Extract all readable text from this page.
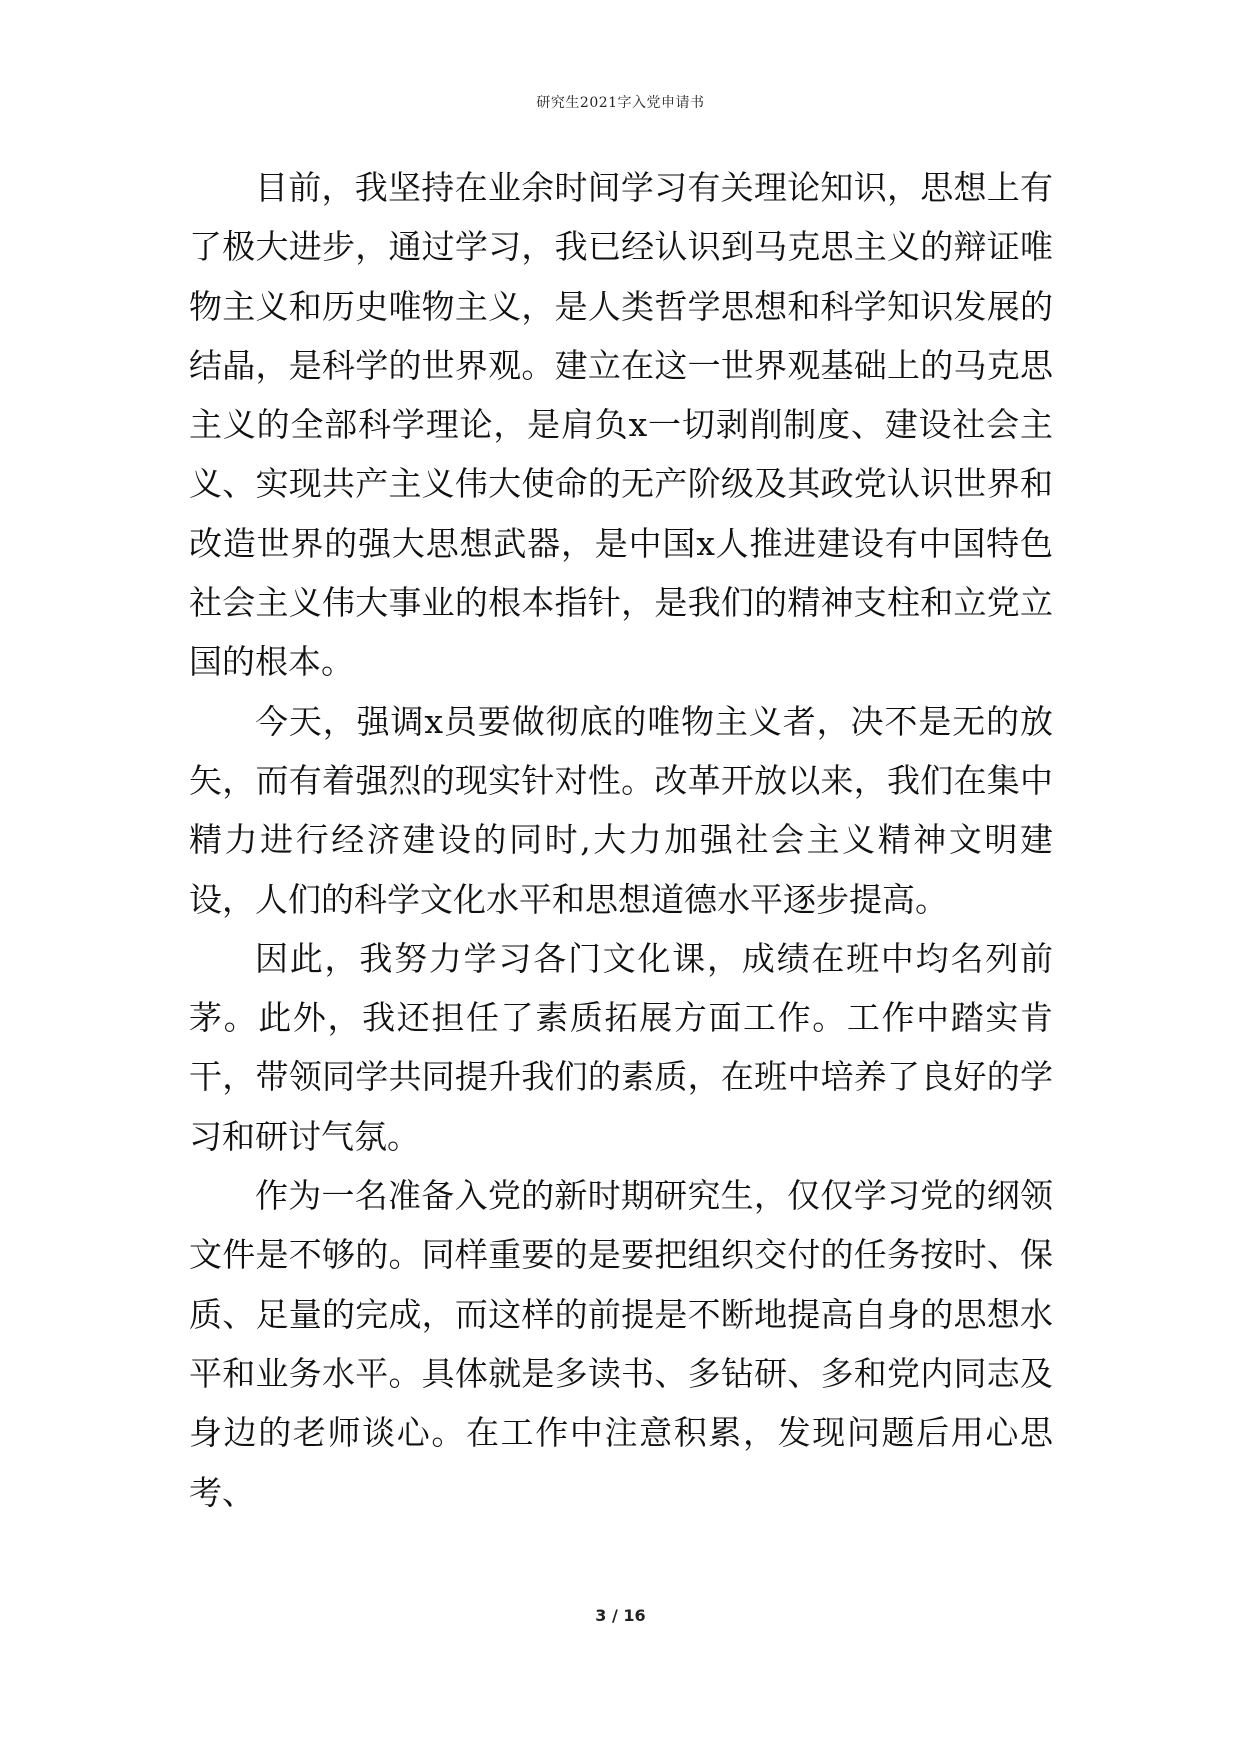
研究生2021字入党申请书

目前，我坚持在业余时间学习有关理论知识，思想上有了极大进步，通过学习，我已经认识到马克思主义的辩证唯物主义和历史唯物主义，是人类哲学思想和科学知识发展的结晶，是科学的世界观。建立在这一世界观基础上的马克思主义的全部科学理论，是肩负x一切剥削制度、建设社会主义、实现共产主义伟大使命的无产阶级及其政党认识世界和改造世界的强大思想武器，是中国x人推进建设有中国特色社会主义伟大事业的根本指针，是我们的精神支柱和立党立国的根本。

今天，强调x员要做彻底的唯物主义者，决不是无的放矢，而有着强烈的现实针对性。改革开放以来，我们在集中精力进行经济建设的同时,大力加强社会主义精神文明建设，人们的科学文化水平和思想道德水平逐步提高。

因此，我努力学习各门文化课，成绩在班中均名列前茅。此外，我还担任了素质拓展方面工作。工作中踏实肯干，带领同学共同提升我们的素质，在班中培养了良好的学习和研讨气氛。

作为一名准备入党的新时期研究生，仅仅学习党的纲领文件是不够的。同样重要的是要把组织交付的任务按时、保质、足量的完成，而这样的前提是不断地提高自身的思想水平和业务水平。具体就是多读书、多钻研、多和党内同志及身边的老师谈心。在工作中注意积累，发现问题后用心思考、

3 / 16
